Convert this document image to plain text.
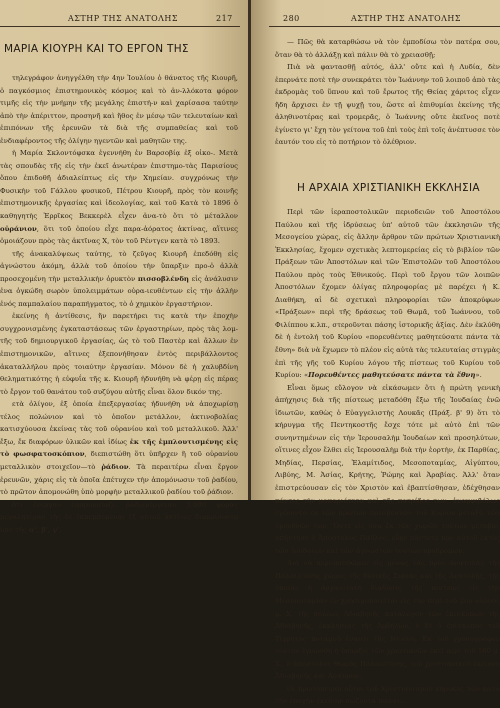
ΑΣΤΗΡ ΤΗΣ ΑΝΑΤΟΛΗΣ	217
ΜΑΡΙΑ ΚΙΟΥΡΗ ΚΑΙ ΤΟ ΕΡΓΟΝ ΤΗΣ

τηλεγράφον ἀνηγγέλθη τὴν 4ην Ἰουλίου ὁ θάνατος τῆς Κιουρῆ, ὁ παγκόσμιος ἐπιστημονικὸς κόσμος καὶ τὸ ἀν-λλόκοτα φόρον τιμῆς εἰς τὴν μνήμην τῆς μεγάλης ἐπιστή-ν καὶ χαρίσασα ταύτην ἀπὸ τὴν ἀπέριττον, προσηνῆ καὶ ἤθος ἐν μέσῳ τῶν τελευταίων καὶ ἐπιπόνων τῆς ἐρευνῶν τὰ διὰ τῆς συμπαθείας καὶ τοῦ ἐνδιαφέροντος τῆς ὀλίγην ηγεντῶν καὶ μαθητῶν της.

ἡ Μαρία Σκλοντόφσκα ἐγεννήθη ἐν Βαρσοβίᾳ ἐξ οἰκο-. Μετὰ τὰς σπουδὰς τῆς εἰς τὴν ἐκεῖ ἀνωτέραν ἐπιστημο-τὰς Παρισίους ὅπου ἐπιδοθῆ ἀδιαλείπτως εἰς τὴν Χημείαν. συγχρόνως τὴν Φυσικὴν τοῦ Γάλλου φυσικοῦ, Πέτρου Κιουρῆ, πρὸς τὸν κοινῆς ἐπιστημονικῆς ἐργασίας καὶ ἰδεολογίας, καὶ τοῦ Κατὰ τὸ 1896 ὁ καθηγητὴς Ἑρρῖκος Βεκκερὲλ εἶχεν ἀνα-τὸ ὅτι τὸ μέταλλον οὐράνιον, ὅτι τοῦ ὁποίου εἶχε παρα-ἀόρατος ἀκτίνας, αἵτινες ὁμοιάζουν πρὸς τὰς ἀκτῖνας Χ, τὸν τοῦ Ρέντγεν κατὰ τὸ 1893.

τῆς ἀνακαλύψεως ταύτης, τὸ ζεῦγος Κιουρῆ ἐπεδόθη εἰς ἀγνώστου ἀκόμη, ἀλλὰ τοῦ ὁποίου τὴν ὕπαρξιν προ-ὁ ἀλλὰ προσεχομένη τὴν μεταλλικὴν ὀρυκτὸν πισσοβλένδη εἰς ἀνάλυσιν ἐνα ὀγκώδη σωρὸν ὑπολειμμάτων οὐρα-ιευθέντων εἰς τὴν ἀλλὴν ἐνός παμπαλαίου παραπήγματος, τὸ ὁ χημικὸν ἐργαστήριον.

ἐκείνης ἡ ἀντίθεσις, ἣν παρετήρει τις κατὰ τὴν ἐποχὴν συγχρονισμένης ἐγκαταστάσεως τῶν ἐργαστηρίων, πρὸς τὰς λομ-τῆς τοῦ δημιουργικοῦ ἐργασίας, ὡς τὸ τοῦ Παστὲρ καὶ ἄλλων ἐν ἐπιστημονικῶν, αἵτινες ἐξεπονήθησαν ἐντὸς περιβάλλοντος ἀκαταλλήλου πρὸς τοιαύτην ἐργασίαν. Μόνον δὲ ἡ χαλυβδίνη θεληματικότης ἡ εὐφυΐα τῆς κ. Κιουρῆ ἠδυνήθη νὰ φέρῃ εἰς πέρας τὸ ἔργον τοῦ θανάτου τοῦ συζύγου αὐτῆς εἶναι ὅλον δικόν της.

ετὰ ὀλίγον, ἐξ ὁποία ἐπεξεργασίας ἠδυνήθη νὰ ἀποχωρίσῃ τέλος πολώνιον καὶ τὸ ὁποῖον μετάλλον, ἀκτινοβολίας κατισχύουσα ἐκείνας τὰς τοῦ οὐρανίου καὶ τοῦ μεταλλικοῦ. Ἀλλ' ἔξω, ἔκ διαφόρων ὑλικῶν καὶ ἰδίως ἐκ τῆς ἐμπλουτισμένης εἰς τὸ φωσφατοσκόπιον, διεπιστώθη ὅτι ὑπῆρχεν ἢ τοῦ οὐρανίου μεταλλικὸν στοιχεῖον—τὸ ῥάδιον. Τὰ περαιτέρω εἶναι ἔργον ἐρευνῶν, χάρις εἰς τὰ ὁποῖα ἐπέτυχεν τὴν ἀπομόνωσιν τοῦ ῥαδίου, τὸ πρῶτον ἀπομονώθη ὑπὸ μορφὴν μεταλλικοῦ ῥαδίου τοῦ ῥάδιον.

ὅτι ἐνεργόν ἐπαρουσίαζε ῥαδιενέργειαν 5,000 φορὰς μεγαλητέραν τῆς δὲ ἐκπεμπόμεναι ἐξ αὐτοῦ ἀκτῖνες διακρίνοντο ὑπὸ τῆς α', β', γ'.

280	ΑΣΤΗΡ ΤΗΣ ΑΝΑΤΟΛΗΣ

— Πῶς θὰ καταρθώσω νὰ τὸν ἐμποδίσω τὸν πατέρα σου, ὅταν θὰ τὸ ἀλλάξῃ καὶ πάλιν θὰ τὸ χρειασθῇ;

Πιὰ νὰ φαντασθῇ αὐτός, ἀλλ' οὔτε καὶ ἡ Λυδία, δὲν ἐπερνάτε ποτὲ τὴν συνεκράτει τὸν Ἰωάννην τοῦ λοιποῦ ἀπὸ τὰς ἐκδρομὰς τοῦ ὕπνου καὶ τοῦ ἔρωτος τῆς Θείας χάριτος εἶχεν ἤδη ἄρχισει ἐν τῇ ψυχῇ του, ὥστε αἱ ἐπιθυμίαι ἐκείνης τῆς ἀληθινοτέρας καὶ τρομερᾶς, ὁ Ἰωάννης οὔτε ἐκεῖνος ποτὲ ἐγίνετο γι' ἔχη τὸν γείτονα τοῦ ἐπὶ τοὺς ἐπὶ τοῖς ἀνέπτυσσε τὸν ἑαυτόν του εἰς τὸ ποτήριον τὸ ὀλέθριον.

Η ΑΡΧΑΙΑ ΧΡΙΣΤΙΑΝΙΚΗ ΕΚΚΛΗΣΙΑ

Περὶ τῶν ἱεραποστολικῶν περιοδειῶν τοῦ Ἀποστόλου Παύλου καὶ τῆς ἱδρύσεως ὑπ' αὐτοῦ τῶν ἐκκλησιῶν τῆς Μεσογείου χώρας, εἰς ἄλλην ἄρθρον τῶν πρώτων Χριστιανικὴ Ἐκκλησίας, ἔχομεν σχετικὰς λεπτομερείας εἰς τὸ βιβλίον τῶν Πράξεων τῶν Ἀποστόλων καὶ τῶν Ἐπιστολῶν τοῦ Ἀποστόλου Παύλου πρὸς τοὺς Ἐθνικούς. Περὶ τοῦ ἔργου τῶν λοιπῶν Ἀποστόλων ἔχομεν ὀλίγας πληροφορίας μὲ παρέχει ἡ Κ. Διαθήκη, αἱ δὲ σχετικαὶ πληροφορίαι τῶν ἀποκρύφων «Πράξεων» περὶ τῆς δράσεως τοῦ Θωμᾶ, τοῦ Ἰωάννου, τοῦ Φιλίππου κ.λπ., στεροῦνται πάσης ἱστορικῆς ἀξίας. Δὲν ἐκλύθη δὲ ἡ ἐντολή τοῦ Κυρίου «πορευθέντες μαθητεύσατε πάντα τὰ ἔθνη» διὰ νὰ ἔχωμεν τὸ πλέον εἰς αὐτὰ τὰς τελευταίας στιγμὰς ἐπὶ τῆς γῆς τοῦ Κυρίου λόγου τῆς πίστεως τοῦ Κυρίου τοῦ Κυρίου: «Πορευθέντες μαθητεύσατε πάντα τὰ ἔθνη».

Εἶναι ὅμως εὔλογον νὰ εἰκάσωμεν ὅτι ἡ πρώτη γενικὴ ἀπήχησις διὰ τῆς πίστεως μεταδόθη ἔξω τῆς Ἰουδαίας ἐνῶ ἰδιωτῶν, καθὼς ὁ Εὐαγγελιστὴς Λουκᾶς (Πράξ. β' 9) ὅτι τὸ κήρυγμα τῆς Πεντηκοστῆς ἔσχε τότε μὲ αὐτὸ ἐπὶ τῶν συνηντημένων εἰς τὴν Ἱερουσαλὴμ Ἰουδαίων καὶ προσηλύτων, οἵτινες εἶχον ἔλθει εἰς Ἱερουσαλὴμ διὰ τὴν ἑορτὴν, ἐκ Παρθίας, Μηδίας, Περσίας, Ἐλαμίτιδος, Μεσοποταμίας, Αἰγύπτου, Λιβύης, Μ. Ἀσίας, Κρήτης, Ῥώμης καὶ Ἀραβίας. Ἀλλ' ὅταν ἐπιστρεύουσαν εἰς τὸν Χριστὸν καὶ ἐβαπτίσθησαν, ἐδέχθησαν πάντες τὴν μακαριότητα καὶ τῆς πατρίδος των, ἀναμφιβόλως ἐγένοντο ἐκ τῶν πρώτων πρεσβευτῶν τοῦ Κυρίου μεταξὺ τῶν ὁμοεθνῶν των. Ὅστε εἰς ὅσα ἐκ τῶν χωρῶν τούτων μεταβὰς ἀπήντησε ὁ Ἀπόστολος Παῦλος, εὗρε πάντοτε πρὸ αὐτοῦ ἐκτὸς τῶν Ἰουδαίων καὶ τῶν ἀγνώστων τούτων προδρόμων.

Διὰ νὰ περιορισθῶμεν εἰς μόνας τὰς πρὸς ἀνατολὰς τῆς Παλαιστίνης χώρας τῆς δυτικῆς Συρίας καὶ τῆς Ἀνατολῆς, τῆς ὁποίας ἡ ἀρχαιοτάτη διάδοσις τῆς πίστεως εἰς τὴν Μεσοποταμίαν ἐν χρησιμοποιεῖται εἰς τὴν περὶ τοῦ 2ου αἰῶνος μ. Χ. τῆς πόλεως Ἀδιαβηνῆς κατάλογον τῶν ἐπισκόπων τῆς Ἀδιαβηνῆς, ἐκκλησίας τῆς Ἀρβήλων, ὁ δὲ ὁ ἐπίσκοπος τοῦ Τίγρητος ποταμοῦ ἔναντι τῆς Νινευή. Ἐκ τοῦ χρονογράφου τούτου ἐγνώσθη ἡ ὕπαρξις τῶν χριστιανῶν ἐκεῖ περὶ τοῦ 100 μ. Χ., ὅ ἀπόστολος Θωμᾶς Παλαιστίνης, τοῦ χριστιανικοῦ ἐκείνου Ἀδιαβηνῆς καὶ Ἀσσυρίας.

Οἱ πρωτόπειροι οὗτοι τοῦ Χριστιανισμοῦ κήρυκες τῶν κατὰ τὴν ἐποχὴν ἐκείνην σώζοντα πάσαι...
